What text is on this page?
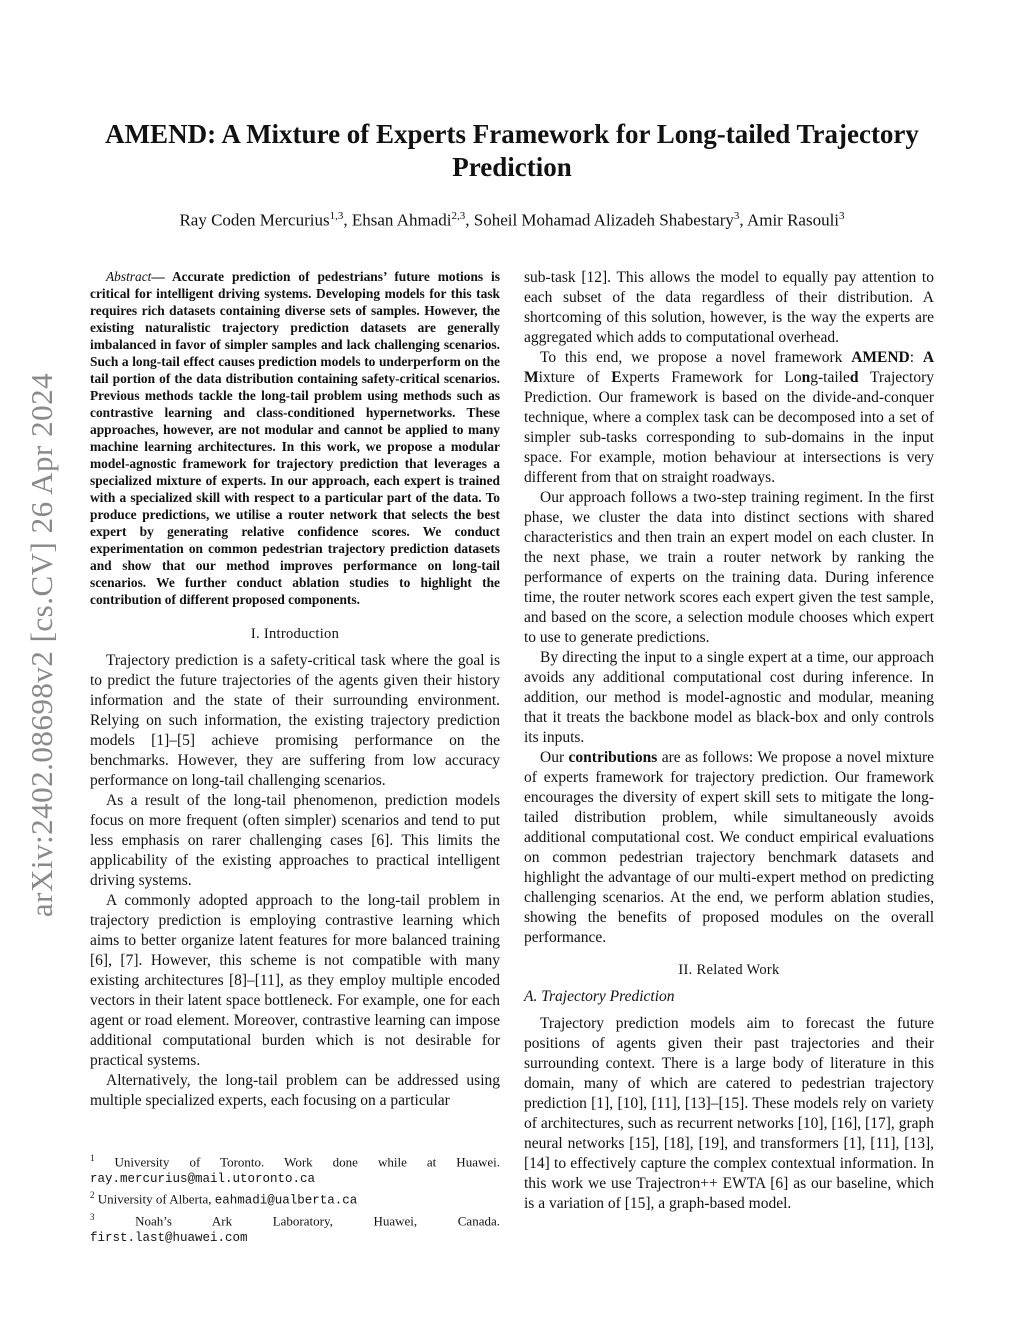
arXiv:2402.08698v2 [cs.CV] 26 Apr 2024
AMEND: A Mixture of Experts Framework for Long-tailed Trajectory
Prediction
Ray Coden Mercurius$^{1,3}$, Ehsan Ahmadi$^{2,3}$, Soheil Mohamad Alizadeh Shabestary$^3$, Amir Rasouli$^3$

Abstract— Accurate prediction of pedestrians’ future motions is critical for intelligent driving systems. Developing models for this task requires rich datasets containing diverse sets of samples. However, the existing naturalistic trajectory prediction datasets are generally imbalanced in favor of simpler samples and lack challenging scenarios. Such a long-tail effect causes prediction models to underperform on the tail portion of the data distribution containing safety-critical scenarios. Previous methods tackle the long-tail problem using methods such as contrastive learning and class-conditioned hypernetworks. These approaches, however, are not modular and cannot be applied to many machine learning architectures. In this work, we propose a modular model-agnostic framework for trajectory prediction that leverages a specialized mixture of experts. In our approach, each expert is trained with a specialized skill with respect to a particular part of the data. To produce predictions, we utilise a router network that selects the best expert by generating relative confidence scores. We conduct experimentation on common pedestrian trajectory prediction datasets and show that our method improves performance on long-tail scenarios. We further conduct ablation studies to highlight the contribution of different proposed components.

I. Introduction

Trajectory prediction is a safety-critical task where the goal is to predict the future trajectories of the agents given their history information and the state of their surrounding environment. Relying on such information, the existing trajectory prediction models [1]–[5] achieve promising performance on the benchmarks. However, they are suffering from low accuracy performance on long-tail challenging scenarios.

As a result of the long-tail phenomenon, prediction models focus on more frequent (often simpler) scenarios and tend to put less emphasis on rarer challenging cases [6]. This limits the applicability of the existing approaches to practical intelligent driving systems.

A commonly adopted approach to the long-tail problem in trajectory prediction is employing contrastive learning which aims to better organize latent features for more balanced training [6], [7]. However, this scheme is not compatible with many existing architectures [8]–[11], as they employ multiple encoded vectors in their latent space bottleneck. For example, one for each agent or road element. Moreover, contrastive learning can impose additional computational burden which is not desirable for practical systems.

Alternatively, the long-tail problem can be addressed using multiple specialized experts, each focusing on a particular

$^1$ University of Toronto. Work done while at Huawei.
ray.mercurius@mail.utoronto.ca
$^2$ University of Alberta, eahmadi@ualberta.ca
$^3$	Noah’s Ark Laboratory, Huawei, Canada.
first.last@huawei.com

sub-task [12]. This allows the model to equally pay attention to each subset of the data regardless of their distribution. A shortcoming of this solution, however, is the way the experts are aggregated which adds to computational overhead.

To this end, we propose a novel framework AMEND: A Mixture of Experts Framework for Long-tailed Trajectory Prediction. Our framework is based on the divide-and-conquer technique, where a complex task can be decomposed into a set of simpler sub-tasks corresponding to sub-domains in the input space. For example, motion behaviour at intersections is very different from that on straight roadways.

Our approach follows a two-step training regiment. In the first phase, we cluster the data into distinct sections with shared characteristics and then train an expert model on each cluster. In the next phase, we train a router network by ranking the performance of experts on the training data. During inference time, the router network scores each expert given the test sample, and based on the score, a selection module chooses which expert to use to generate predictions.

By directing the input to a single expert at a time, our approach avoids any additional computational cost during inference. In addition, our method is model-agnostic and modular, meaning that it treats the backbone model as black-box and only controls its inputs.

Our contributions are as follows: We propose a novel mixture of experts framework for trajectory prediction. Our framework encourages the diversity of expert skill sets to mitigate the long-tailed distribution problem, while simultaneously avoids additional computational cost. We conduct empirical evaluations on common pedestrian trajectory benchmark datasets and highlight the advantage of our multi-expert method on predicting challenging scenarios. At the end, we perform ablation studies, showing the benefits of proposed modules on the overall performance.

II. Related Work
A. Trajectory Prediction

Trajectory prediction models aim to forecast the future positions of agents given their past trajectories and their surrounding context. There is a large body of literature in this domain, many of which are catered to pedestrian trajectory prediction [1], [10], [11], [13]–[15]. These models rely on variety of architectures, such as recurrent networks [10], [16], [17], graph neural networks [15], [18], [19], and transformers [1], [11], [13], [14] to effectively capture the complex contextual information. In this work we use Trajectron++ EWTA [6] as our baseline, which is a variation of [15], a graph-based model.
